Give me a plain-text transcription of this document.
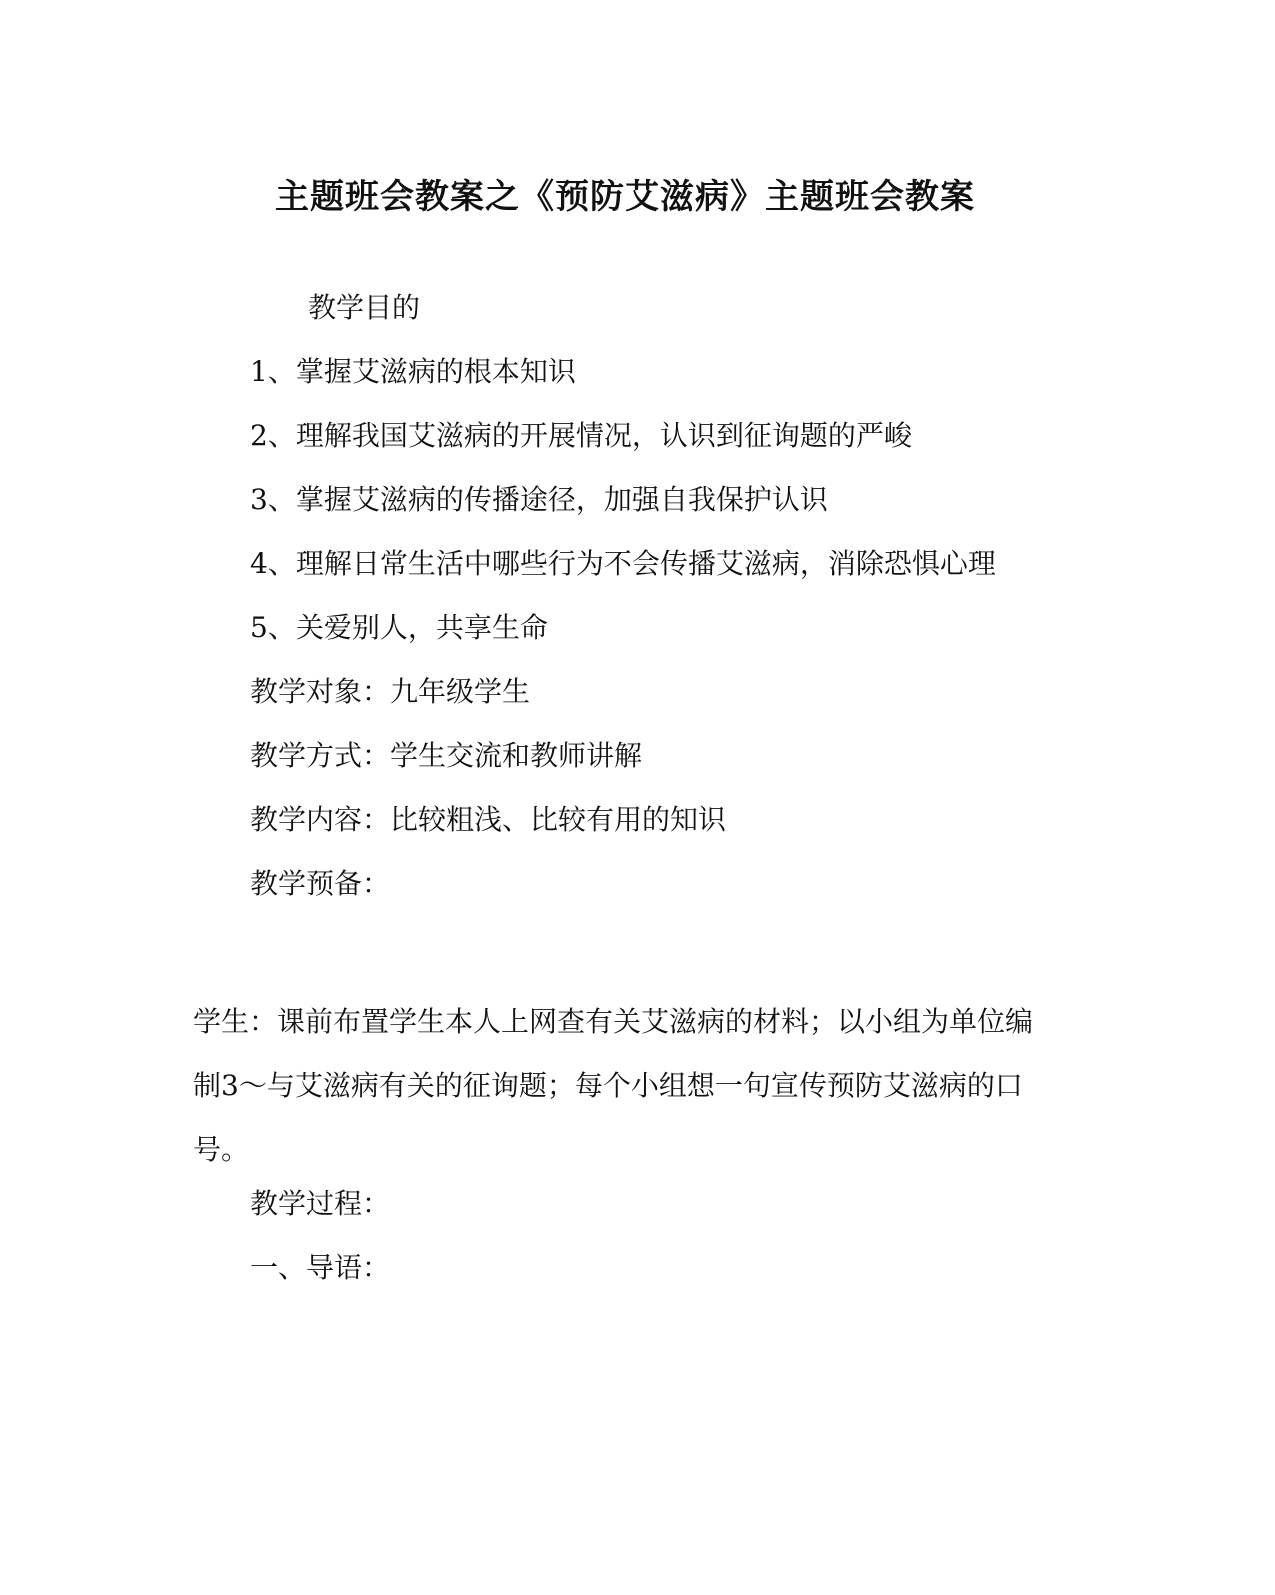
主题班会教案之《预防艾滋病》主题班会教案
教学目的
1、掌握艾滋病的根本知识
2、理解我国艾滋病的开展情况，认识到征询题的严峻
3、掌握艾滋病的传播途径，加强自我保护认识
4、理解日常生活中哪些行为不会传播艾滋病，消除恐惧心理
5、关爱别人，共享生命
教学对象：九年级学生
教学方式：学生交流和教师讲解
教学内容：比较粗浅、比较有用的知识
教学预备：
学生：课前布置学生本人上网查有关艾滋病的材料；以小组为单位编
制3～与艾滋病有关的征询题；每个小组想一句宣传预防艾滋病的口
号。
教学过程：
一、导语：
